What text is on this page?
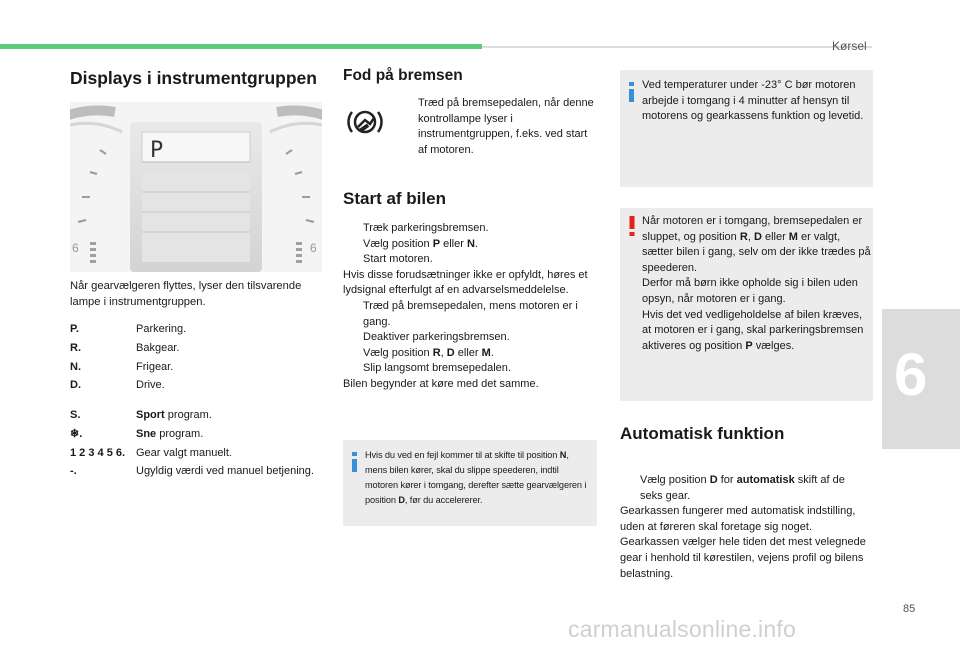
Kørsel
6
85
Displays i instrumentgruppen
6	6
P
Når gearvælgeren flyttes, lyser den tilsvarende lampe i instrumentgruppen.
P.	Parkering.
R.	Bakgear.
N.	Frigear.
D.	Drive.
S.	Sport program.
❄.	Sne program.
1 2 3 4 5 6. Gear valgt manuelt.
-.	Ugyldig værdi ved manuel betjening.
Fod på bremsen
Træd på bremsepedalen, når denne kontrollampe lyser i instrumentgruppen, f.eks. ved start af motoren.
Start af bilen
Træk parkeringsbremsen.
Vælg position P eller N.
Start motoren.
Hvis disse forudsætninger ikke er opfyldt, høres et lydsignal efterfulgt af en advarselsmeddelelse.
Træd på bremsepedalen, mens motoren er i gang.
Deaktiver parkeringsbremsen.
Vælg position R, D eller M.
Slip langsomt bremsepedalen.
Bilen begynder at køre med det samme.
Hvis du ved en fejl kommer til at skifte til position N, mens bilen kører, skal du slippe speederen, indtil motoren kører i tomgang, derefter sætte gearvælgeren i position D, før du accelererer.
Ved temperaturer under -23° C bør motoren arbejde i tomgang i 4 minutter af hensyn til motorens og gearkassens funktion og levetid.
Når motoren er i tomgang, bremsepedalen er sluppet, og position R, D eller M er valgt, sætter bilen i gang, selv om der ikke trædes på speederen.
Derfor må børn ikke opholde sig i bilen uden opsyn, når motoren er i gang.
Hvis det ved vedligeholdelse af bilen kræves, at motoren er i gang, skal parkeringsbremsen aktiveres og position P vælges.
Automatisk funktion
Vælg position D for automatisk skift af de seks gear.
Gearkassen fungerer med automatisk indstilling, uden at føreren skal foretage sig noget. Gearkassen vælger hele tiden det mest velegnede gear i henhold til kørestilen, vejens profil og bilens belastning.
carmanualsonline.info
